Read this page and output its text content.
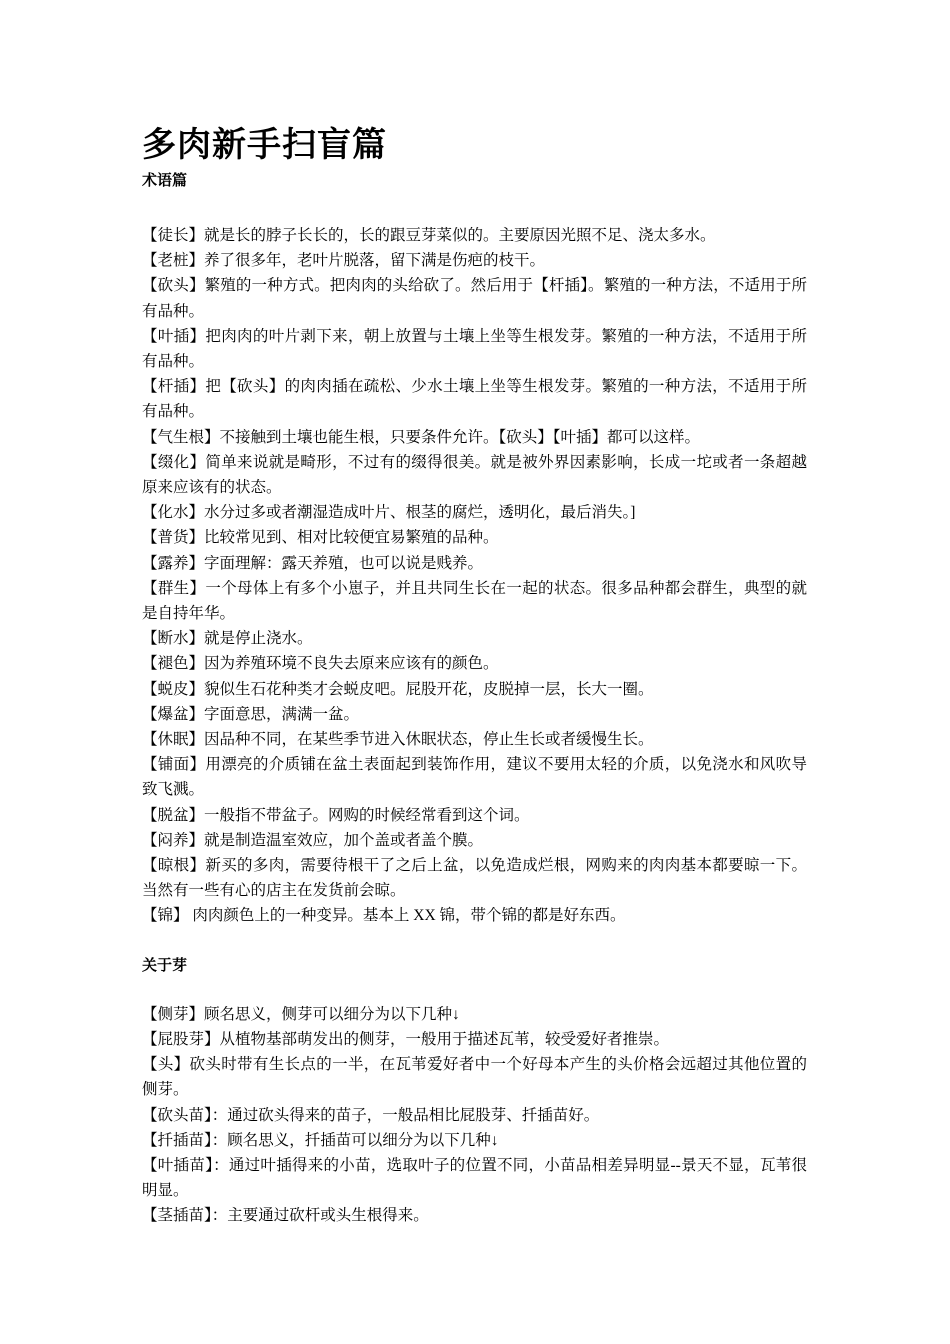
多肉新手扫盲篇
术语篇

【徒长】就是长的脖子长长的，长的跟豆芽菜似的。主要原因光照不足、浇太多水。

【老桩】养了很多年，老叶片脱落，留下满是伤疤的枝干。

【砍头】繁殖的一种方式。把肉肉的头给砍了。然后用于【杆插】。繁殖的一种方法，不适用于所有品种。

【叶插】把肉肉的叶片剥下来，朝上放置与土壤上坐等生根发芽。繁殖的一种方法，不适用于所有品种。

【杆插】把【砍头】的肉肉插在疏松、少水土壤上坐等生根发芽。繁殖的一种方法，不适用于所有品种。

【气生根】不接触到土壤也能生根，只要条件允许。【砍头】【叶插】都可以这样。

【缀化】简单来说就是畸形，不过有的缀得很美。就是被外界因素影响，长成一坨或者一条超越原来应该有的状态。

【化水】水分过多或者潮湿造成叶片、根茎的腐烂，透明化，最后消失。]

【普货】比较常见到、相对比较便宜易繁殖的品种。

【露养】字面理解：露天养殖，也可以说是贱养。

【群生】一个母体上有多个小崽子，并且共同生长在一起的状态。很多品种都会群生，典型的就是自持年华。

【断水】就是停止浇水。

【褪色】因为养殖环境不良失去原来应该有的颜色。

【蜕皮】貌似生石花种类才会蜕皮吧。屁股开花，皮脱掉一层，长大一圈。

【爆盆】字面意思，满满一盆。

【休眠】因品种不同，在某些季节进入休眠状态，停止生长或者缓慢生长。

【铺面】用漂亮的介质铺在盆土表面起到装饰作用，建议不要用太轻的介质，以免浇水和风吹导致飞溅。

【脱盆】一般指不带盆子。网购的时候经常看到这个词。

【闷养】就是制造温室效应，加个盖或者盖个膜。

【晾根】新买的多肉，需要待根干了之后上盆，以免造成烂根，网购来的肉肉基本都要晾一下。当然有一些有心的店主在发货前会晾。

【锦】 肉肉颜色上的一种变异。基本上 XX 锦，带个锦的都是好东西。

关于芽

【侧芽】顾名思义，侧芽可以细分为以下几种↓

【屁股芽】从植物基部萌发出的侧芽，一般用于描述瓦苇，较受爱好者推崇。

【头】砍头时带有生长点的一半，在瓦苇爱好者中一个好母本产生的头价格会远超过其他位置的侧芽。

【砍头苗】：通过砍头得来的苗子，一般品相比屁股芽、扦插苗好。

【扦插苗】：顾名思义，扦插苗可以细分为以下几种↓

【叶插苗】：通过叶插得来的小苗，选取叶子的位置不同，小苗品相差异明显--景天不显，瓦苇很明显。

【茎插苗】：主要通过砍杆或头生根得来。
